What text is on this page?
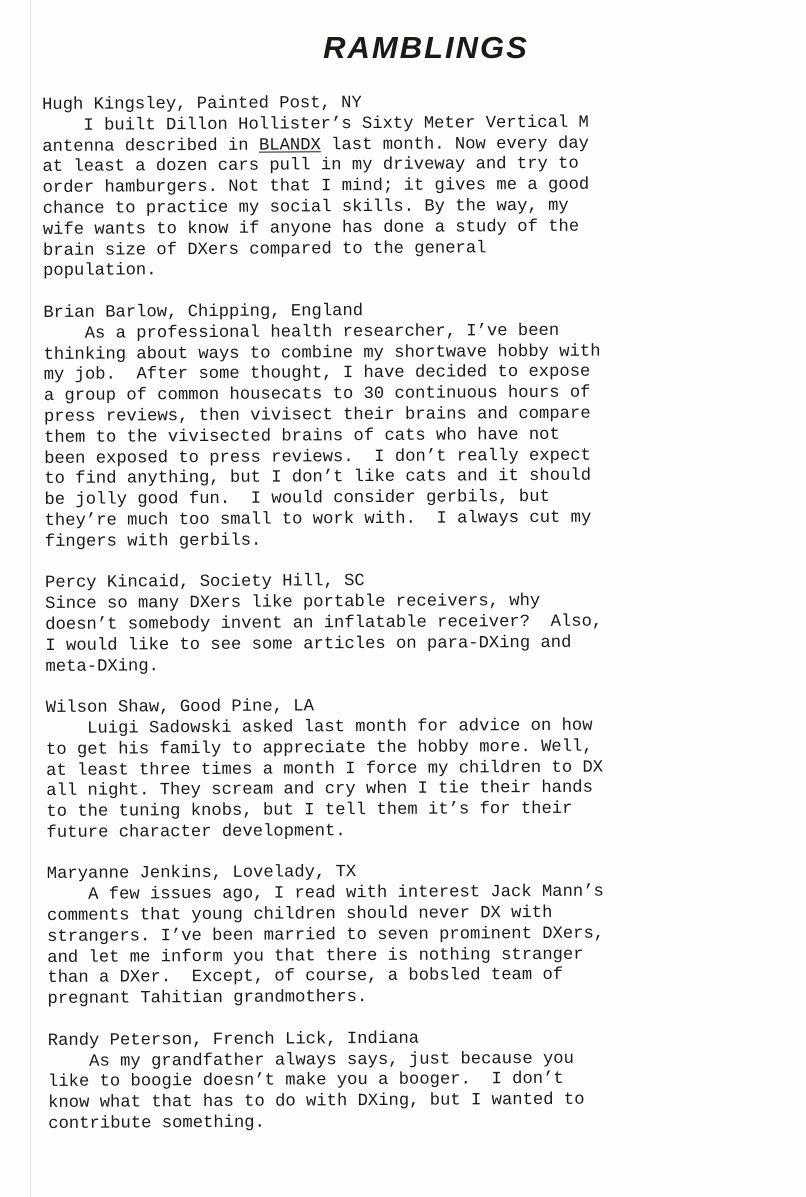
RAMBLINGS
Hugh Kingsley, Painted Post, NY
I built Dillon Hollister’s Sixty Meter Vertical M
antenna described in BLANDX last month. Now every day
at least a dozen cars pull in my driveway and try to
order hamburgers. Not that I mind; it gives me a good
chance to practice my social skills. By the way, my
wife wants to know if anyone has done a study of the
brain size of DXers compared to the general
population.
Brian Barlow, Chipping, England
As a professional health researcher, I’ve been
thinking about ways to combine my shortwave hobby with
my job.  After some thought, I have decided to expose
a group of common housecats to 30 continuous hours of
press reviews, then vivisect their brains and compare
them to the vivisected brains of cats who have not
been exposed to press reviews.  I don’t really expect
to find anything, but I don’t like cats and it should
be jolly good fun.  I would consider gerbils, but
they’re much too small to work with.  I always cut my
fingers with gerbils.
Percy Kincaid, Society Hill, SC
Since so many DXers like portable receivers, why
doesn’t somebody invent an inflatable receiver?  Also,
I would like to see some articles on para-DXing and
meta-DXing.
Wilson Shaw, Good Pine, LA
Luigi Sadowski asked last month for advice on how
to get his family to appreciate the hobby more. Well,
at least three times a month I force my children to DX
all night. They scream and cry when I tie their hands
to the tuning knobs, but I tell them it’s for their
future character development.
Maryanne Jenkins, Lovelady, TX
A few issues ago, I read with interest Jack Mann’s
comments that young children should never DX with
strangers. I’ve been married to seven prominent DXers,
and let me inform you that there is nothing stranger
than a DXer.  Except, of course, a bobsled team of
pregnant Tahitian grandmothers.
Randy Peterson, French Lick, Indiana
As my grandfather always says, just because you
like to boogie doesn’t make you a booger.  I don’t
know what that has to do with DXing, but I wanted to
contribute something.
